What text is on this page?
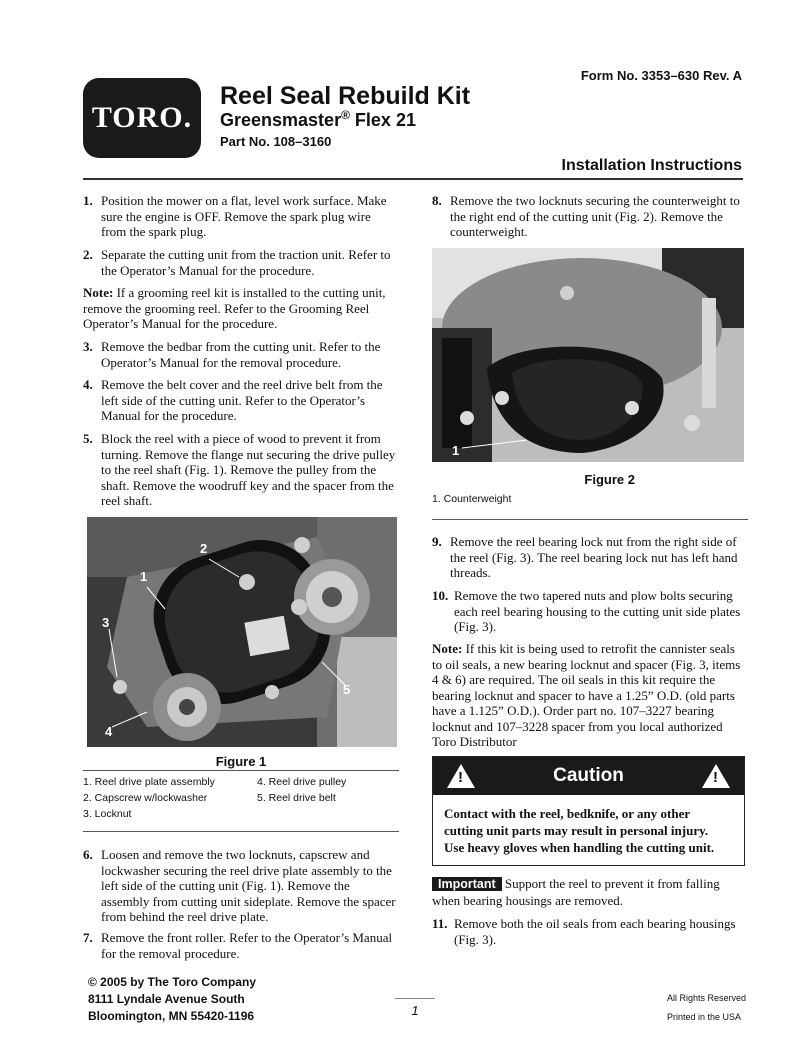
TORO.
Reel Seal Rebuild Kit
Greensmaster® Flex 21
Part No. 108–3160
Form No. 3353–630 Rev. A
Installation Instructions
1. Position the mower on a flat, level work surface. Make sure the engine is OFF. Remove the spark plug wire from the spark plug.
2. Separate the cutting unit from the traction unit. Refer to the Operator’s Manual for the procedure.
Note: If a grooming reel kit is installed to the cutting unit, remove the grooming reel. Refer to the Grooming Reel Operator’s Manual for the procedure.
3. Remove the bedbar from the cutting unit. Refer to the Operator’s Manual for the removal procedure.
4. Remove the belt cover and the reel drive belt from the left side of the cutting unit. Refer to the Operator’s Manual for the procedure.
5. Block the reel with a piece of wood to prevent it from turning. Remove the flange nut securing the drive pulley to the reel shaft (Fig. 1). Remove the pulley from the shaft. Remove the woodruff key and the spacer from the reel shaft.
1
2
3
4
5
Figure 1
1. Reel drive plate assembly
2. Capscrew w/lockwasher
3. Locknut
4. Reel drive pulley
5. Reel drive belt
6. Loosen and remove the two locknuts, capscrew and lockwasher securing the reel drive plate assembly to the left side of the cutting unit (Fig. 1). Remove the assembly from cutting unit sideplate. Remove the spacer from behind the reel drive plate.
7. Remove the front roller. Refer to the Operator’s Manual for the removal procedure.
8. Remove the two locknuts securing the counterweight to the right end of the cutting unit (Fig. 2). Remove the counterweight.
1
Figure 2
1. Counterweight
9. Remove the reel bearing lock nut from the right side of the reel (Fig. 3). The reel bearing lock nut has left hand threads.
10. Remove the two tapered nuts and plow bolts securing each reel bearing housing to the cutting unit side plates (Fig. 3).
Note: If this kit is being used to retrofit the cannister seals to oil seals, a new bearing locknut and spacer (Fig. 3, items 4 & 6) are required. The oil seals in this kit require the bearing locknut and spacer to have a 1.25” O.D. (old parts have a 1.125” O.D.). Order part no. 107–3227 bearing locknut and 107–3228 spacer from you local authorized Toro Distributor
!	Caution	!
Contact with the reel, bedknife, or any other
cutting unit parts may result in personal injury.
Use heavy gloves when handling the cutting unit.
Important Support the reel to prevent it from falling when bearing housings are removed.
11. Remove both the oil seals from each bearing housings (Fig. 3).
© 2005 by The Toro Company
8111 Lyndale Avenue South
Bloomington, MN 55420-1196	1
All Rights Reserved
Printed in the USA
